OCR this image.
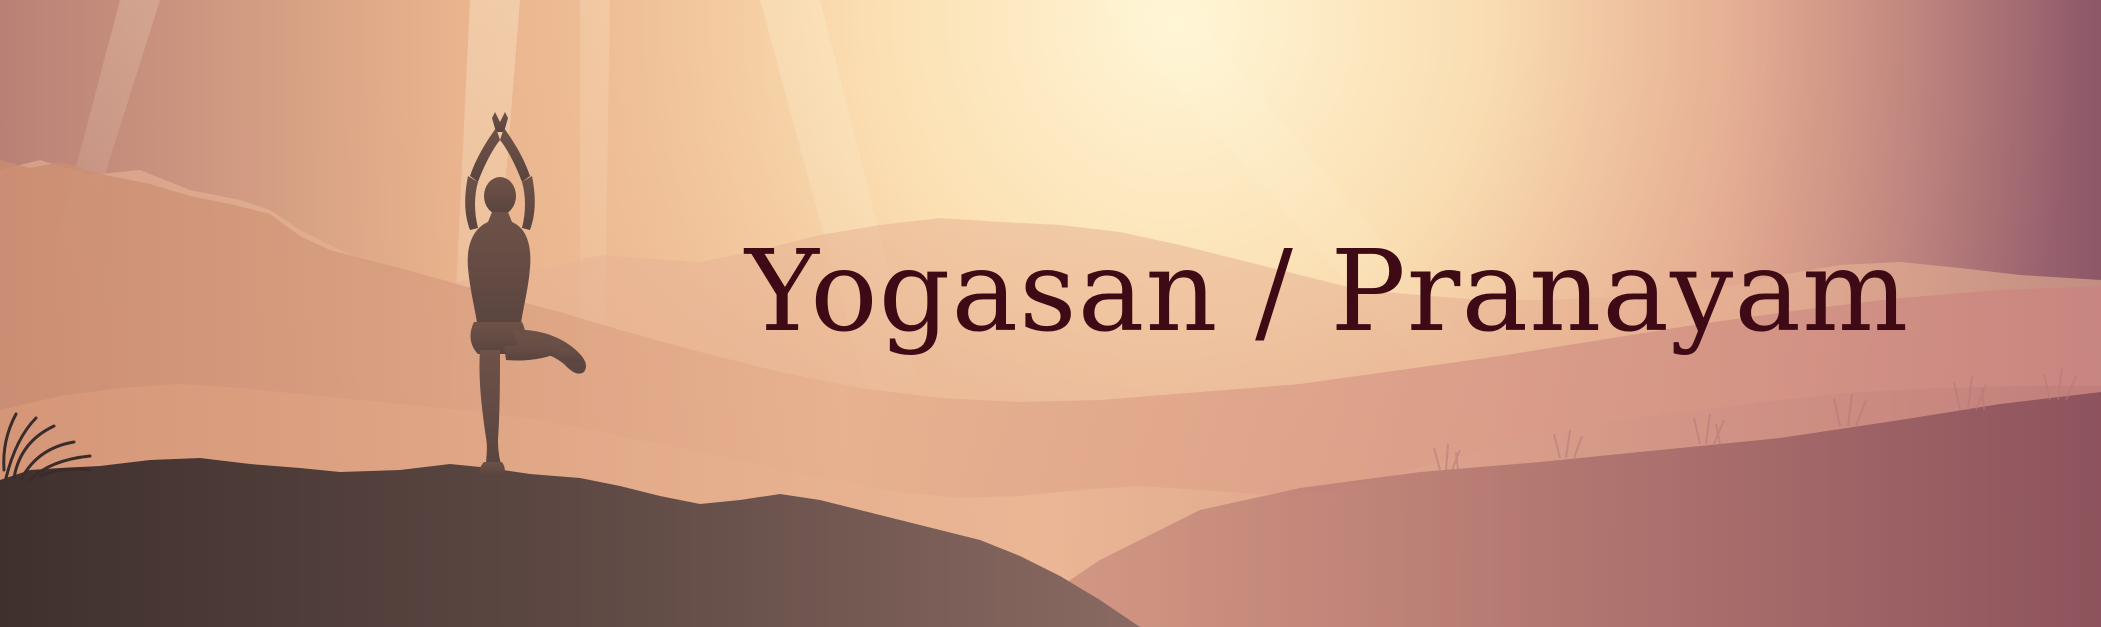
Yogasan / Pranayam
